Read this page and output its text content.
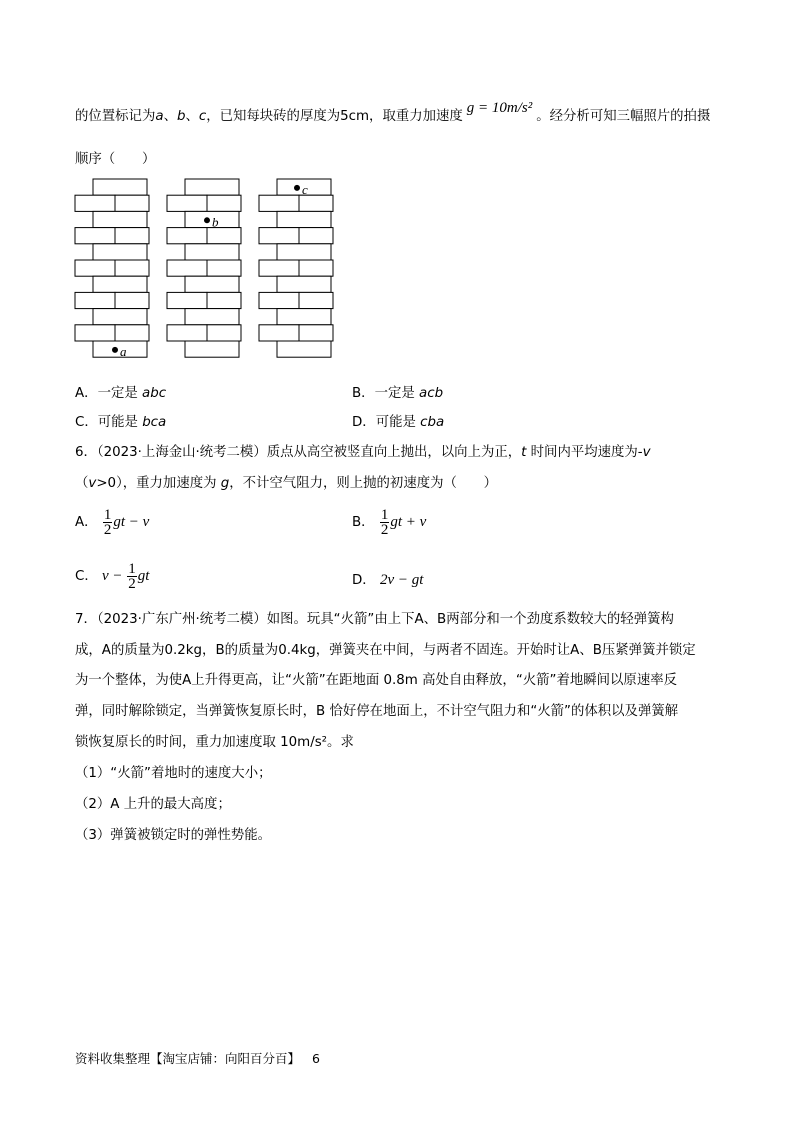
的位置标记为a、b、c，已知每块砖的厚度为5cm，取重力加速度g = 10m/s²。经分析可知三幅照片的拍摄
顺序（　　）
a
b
c
A．一定是 abc	B．一定是 acb
C．可能是 bca	D．可能是 cba
6．（2023·上海金山·统考二模）质点从高空被竖直向上抛出，以向上为正，t 时间内平均速度为-v
（v>0），重力加速度为 g，不计空气阻力，则上抛的初速度为（　　）
A． $\frac{1}{2}$ gt − v	B． $\frac{1}{2}$ gt + v
C． $v - \frac{1}{2}$ gt	D． 2v − gt
7．（2023·广东广州·统考二模）如图。玩具“火箭”由上下A、B两部分和一个劲度系数较大的轻弹簧构
成，A的质量为0.2kg，B的质量为0.4kg，弹簧夹在中间，与两者不固连。开始时让A、B压紧弹簧并锁定
为一个整体，为使A上升得更高，让“火箭”在距地面 0.8m 高处自由释放，“火箭”着地瞬间以原速率反
弹，同时解除锁定，当弹簧恢复原长时，B 恰好停在地面上，不计空气阻力和“火箭”的体积以及弹簧解
锁恢复原长的时间，重力加速度取 10m/s²。求
（1）“火箭”着地时的速度大小；
（2）A 上升的最大高度；
（3）弹簧被锁定时的弹性势能。
资料收集整理【淘宝店铺：向阳百分百】 6
